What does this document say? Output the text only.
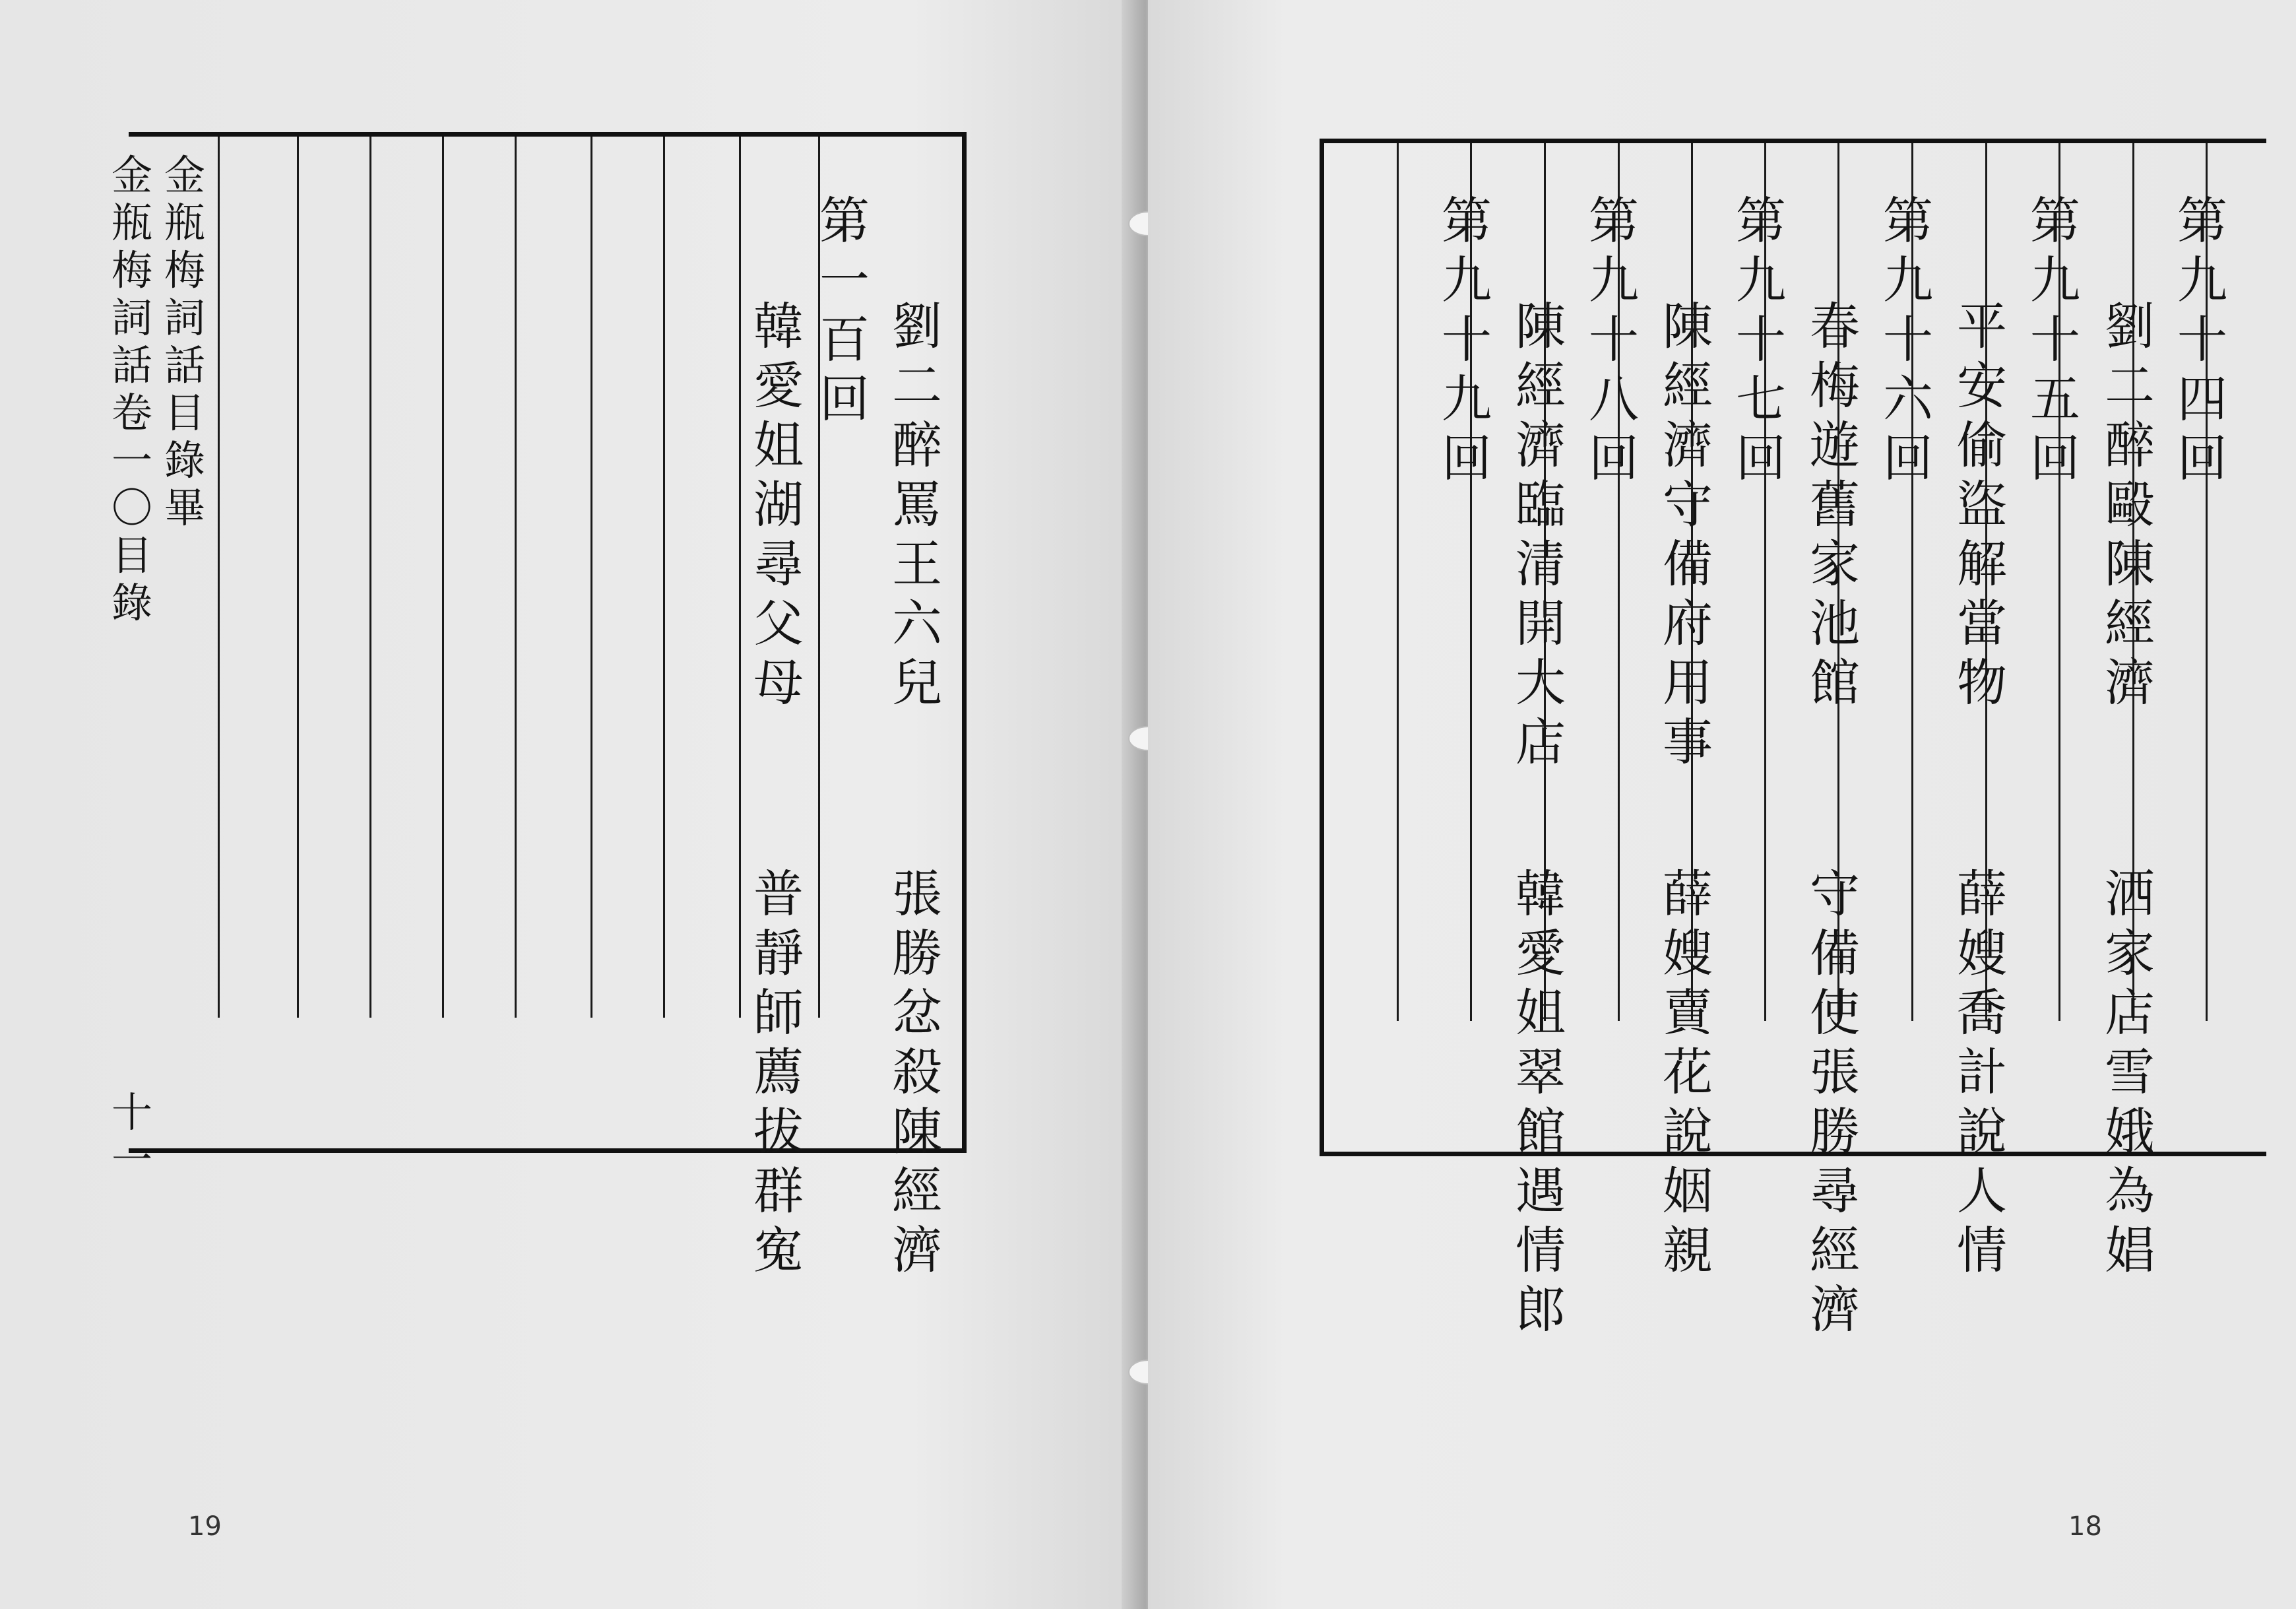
金
瓶
梅
詞
話
目
錄
畢
金
瓶
梅
詞
話
卷
一
〇
目
錄
十
一
第
一
百
回
劉
二
醉
罵
王
六
兒
張
勝
忿
殺
陳
經
濟
韓
愛
姐
湖
尋
父
母
普
靜
師
薦
拔
群
寃
19
第
九
十
四
回
劉
二
醉
毆
陳
經
濟
洒
家
店
雪
娥
為
娼
第
九
十
五
回
平
安
偷
盜
解
當
物
薛
嫂
喬
計
說
人
情
第
九
十
六
回
春
梅
遊
舊
家
池
館
守
備
使
張
勝
尋
經
濟
第
九
十
七
回
陳
經
濟
守
備
府
用
事
薛
嫂
賣
花
說
姻
親
第
九
十
八
回
第
九
十
九
回
陳
經
濟
臨
清
開
大
店
韓
愛
姐
翠
館
遇
情
郎
18
